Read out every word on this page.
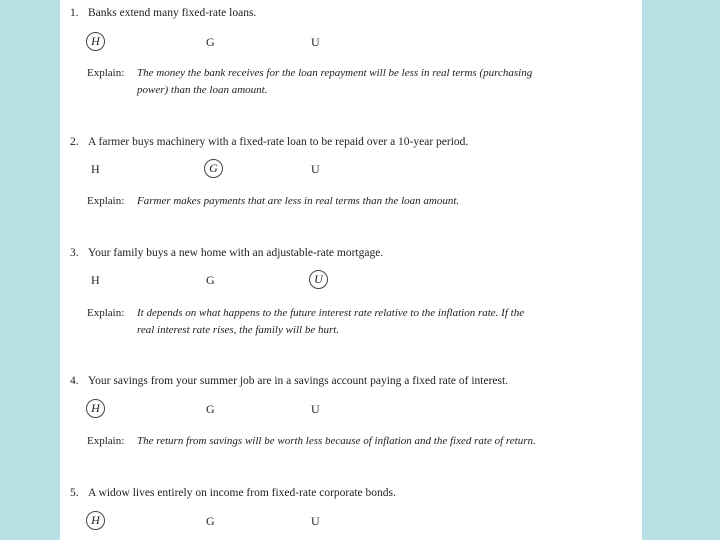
1. Banks extend many fixed-rate loans.
H	G	U
Explain: The money the bank receives for the loan repayment will be less in real terms (purchasing
power) than the loan amount.
2. A farmer buys machinery with a fixed-rate loan to be repaid over a 10-year period.
H	G	U
Explain: Farmer makes payments that are less in real terms than the loan amount.
3. Your family buys a new home with an adjustable-rate mortgage.
H	G	U
Explain: It depends on what happens to the future interest rate relative to the inflation rate. If the
real interest rate rises, the family will be hurt.
4. Your savings from your summer job are in a savings account paying a fixed rate of interest.
H	G	U
Explain: The return from savings will be worth less because of inflation and the fixed rate of return.
5. A widow lives entirely on income from fixed-rate corporate bonds.
H	G	U
